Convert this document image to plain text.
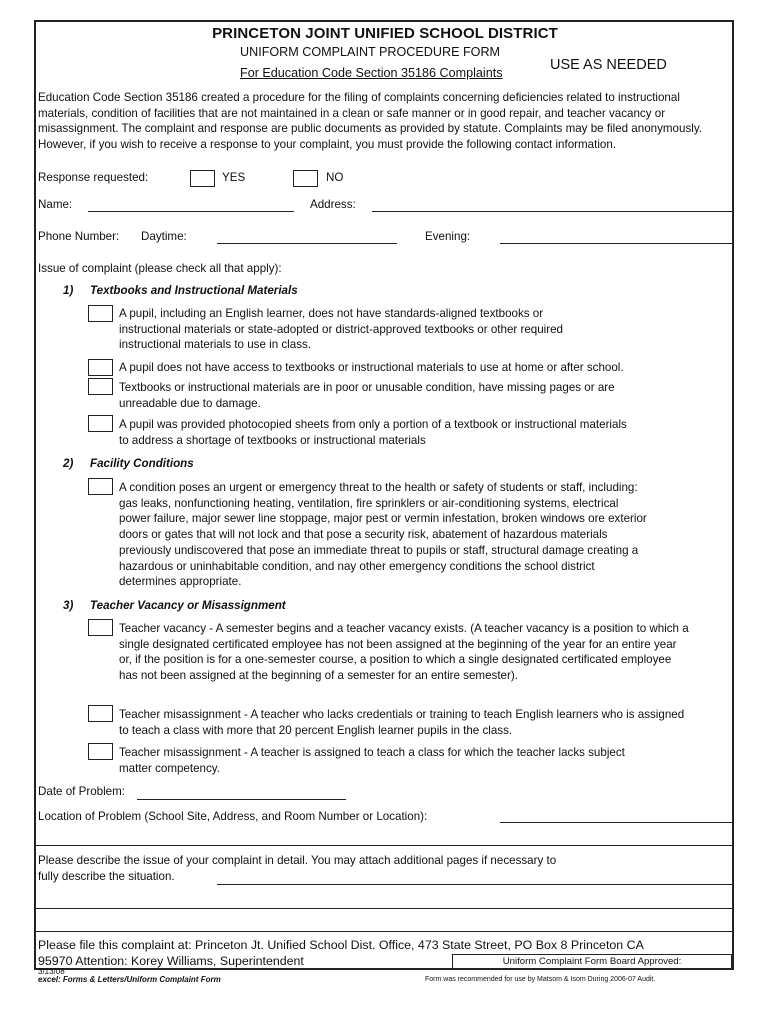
PRINCETON JOINT UNIFIED SCHOOL DISTRICT
UNIFORM COMPLAINT PROCEDURE FORM
For Education Code Section 35186 Complaints	USE AS NEEDED
Education Code Section 35186 created a procedure for the filing of complaints concerning deficiencies related to instructional materials, condition of facilities that are not maintained in a clean or safe manner or in good repair, and teacher vacancy or misassignment. The complaint and response are public documents as provided by statute. Complaints may be filed anonymously. However, if you wish to receive a response to your complaint, you must provide the following contact information.
Response requested:	YES	NO
Name:	Address:
Phone Number: Daytime:	Evening:
Issue of complaint (please check all that apply):
1) Textbooks and Instructional Materials
A pupil, including an English learner, does not have standards-aligned textbooks or instructional materials or state-adopted or district-approved textbooks or other required instructional materials to use in class.
A pupil does not have access to textbooks or instructional materials to use at home or after school.
Textbooks or instructional materials are in poor or unusable condition, have missing pages or are unreadable due to damage.
A pupil was provided photocopied sheets from only a portion of a textbook or instructional materials to address a shortage of textbooks or instructional materials
2) Facility Conditions
A condition poses an urgent or emergency threat to the health or safety of students or staff, including: gas leaks, nonfunctioning heating, ventilation, fire sprinklers or air-conditioning systems, electrical power failure, major sewer line stoppage, major pest or vermin infestation, broken windows ore exterior doors or gates that will not lock and that pose a security risk, abatement of hazardous materials previously undiscovered that pose an immediate threat to pupils or staff, structural damage creating a hazardous or uninhabitable condition, and nay other emergency conditions the school district determines appropriate.
3) Teacher Vacancy or Misassignment
Teacher vacancy - A semester begins and a teacher vacancy exists. (A teacher vacancy is a position to which a single designated certificated employee has not been assigned at the beginning of the year for an entire year or, if the position is for a one-semester course, a position to which a single designated certificated employee has not been assigned at the beginning of a semester for an entire semester).
Teacher misassignment - A teacher who lacks credentials or training to teach English learners who is assigned to teach a class with more that 20 percent English learner pupils in the class.
Teacher misassignment - A teacher is assigned to teach a class for which the teacher lacks subject matter competency.
Date of Problem:
Location of Problem (School Site, Address, and Room Number or Location):
Please describe the issue of your complaint in detail. You may attach additional pages if necessary to
fully describe the situation.
Please file this complaint at: Princeton Jt. Unified School Dist. Office, 473 State Street, PO Box 8 Princeton CA
95970 Attention: Korey Williams, Superintendent	Uniform Complaint Form Board Approved:
3/13/08
excel: Forms & Letters/Uniform Complaint Form	Form was recommended for use by Matsom & Isom During 2006-07 Audit.
